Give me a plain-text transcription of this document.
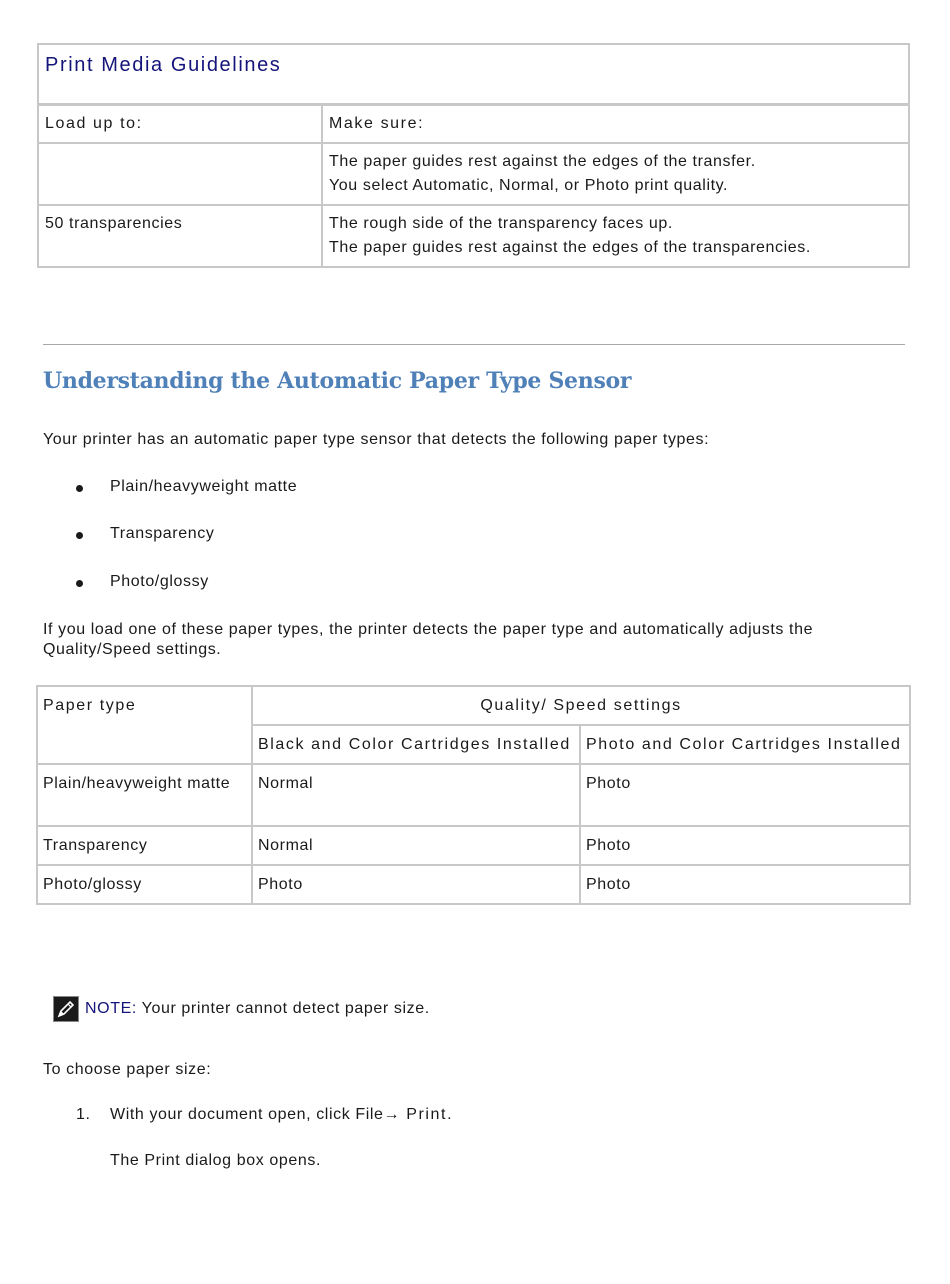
Print Media Guidelines	
Load up to:	Make sure:

	The paper guides rest against the edges of the transfer.
You select Automatic, Normal, or Photo print quality.

50 transparencies	The rough side of the transparency faces up.
The paper guides rest against the edges of the transparencies.
Understanding the Automatic Paper Type Sensor
Your printer has an automatic paper type sensor that detects the following paper types:
Plain/heavyweight matte
Transparency
Photo/glossy
If you load one of these paper types, the printer detects the paper type and automatically adjusts the
Quality/Speed settings.
Paper type	Quality/ Speed settings	
	Black and Color Cartridges Installed	Photo and Color Cartridges Installed
Plain/heavyweight matte	Normal	Photo
Transparency	Normal	Photo
Photo/glossy	Photo	Photo
NOTE: Your printer cannot detect paper size.
To choose paper size:
1. With your document open, click File→ Print.
The Print dialog box opens.
